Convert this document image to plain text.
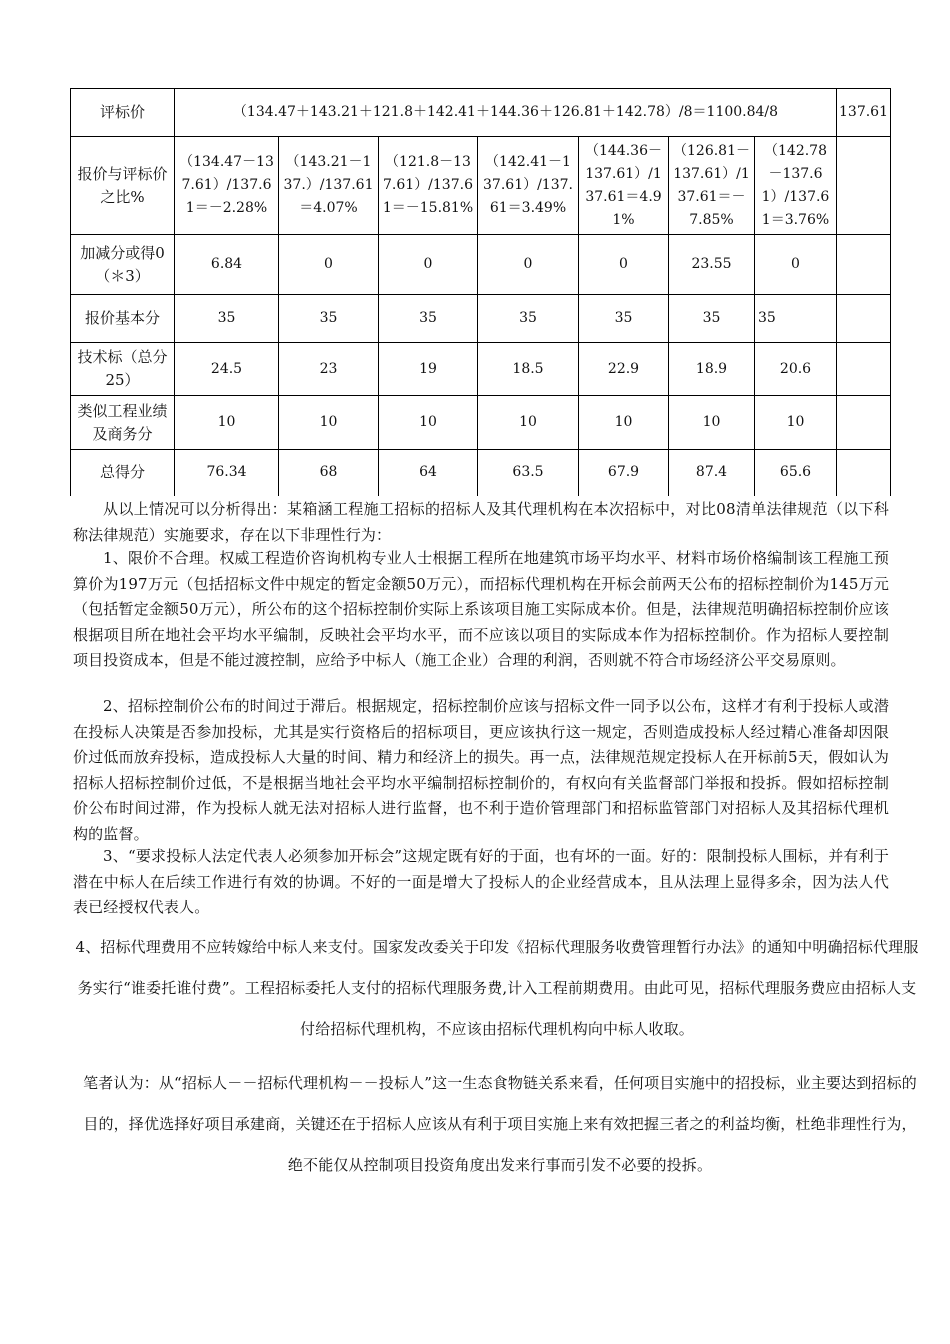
评标价	（134.47＋143.21＋121.8＋142.41＋144.36＋126.81＋142.78）/8＝1100.84/8							137.61
报价与评标价之比%	（134.47－137.61）/137.61＝－2.28%	（143.21－137.）/137.61＝4.07%	（121.8－137.61）/137.61＝－15.81%	（142.41－137.61）/137.61＝3.49%	（144.36－137.61）/137.61＝4.91%	（126.81－137.61）/137.61＝－7.85%	（142.78－137.61）/137.61＝3.76%	
加减分或得0（＊3）	6.84	0	0	0	0	23.55	0	
报价基本分	35	35	35	35	35	35	35	
技术标（总分25）	24.5	23	19	18.5	22.9	18.9	20.6	
类似工程业绩及商务分	10	10	10	10	10	10	10	
总得分	76.34	68	64	63.5	67.9	87.4	65.6	

从以上情况可以分析得出：某箱涵工程施工招标的招标人及其代理机构在本次招标中，对比08清单法律规范（以下科称法律规范）实施要求，存在以下非理性行为：

1、限价不合理。权威工程造价咨询机构专业人士根据工程所在地建筑市场平均水平、材料市场价格编制该工程施工预算价为197万元（包括招标文件中规定的暂定金额50万元），而招标代理机构在开标会前两天公布的招标控制价为145万元（包括暂定金额50万元），所公布的这个招标控制价实际上系该项目施工实际成本价。但是，法律规范明确招标控制价应该根据项目所在地社会平均水平编制，反映社会平均水平，而不应该以项目的实际成本作为招标控制价。作为招标人要控制项目投资成本，但是不能过渡控制，应给予中标人（施工企业）合理的利润，否则就不符合市场经济公平交易原则。

2、招标控制价公布的时间过于滞后。根据规定，招标控制价应该与招标文件一同予以公布，这样才有利于投标人或潜在投标人决策是否参加投标，尤其是实行资格后的招标项目，更应该执行这一规定，否则造成投标人经过精心准备却因限价过低而放弃投标，造成投标人大量的时间、精力和经济上的损失。再一点，法律规范规定投标人在开标前5天，假如认为招标人招标控制价过低，不是根据当地社会平均水平编制招标控制价的，有权向有关监督部门举报和投拆。假如招标控制价公布时间过滞，作为投标人就无法对招标人进行监督，也不利于造价管理部门和招标监管部门对招标人及其招标代理机构的监督。

3、“要求投标人法定代表人必须参加开标会”这规定既有好的于面，也有坏的一面。好的：限制投标人围标，并有利于潜在中标人在后续工作进行有效的协调。不好的一面是增大了投标人的企业经营成本，且从法理上显得多余，因为法人代表已经授权代表人。

4、招标代理费用不应转嫁给中标人来支付。国家发改委关于印发《招标代理服务收费管理暂行办法》的通知中明确招标代理服务实行“谁委托谁付费”。工程招标委托人支付的招标代理服务费,计入工程前期费用。由此可见，招标代理服务费应由招标人支付给招标代理机构，不应该由招标代理机构向中标人收取。

笔者认为：从“招标人－－招标代理机构－－投标人”这一生态食物链关系来看，任何项目实施中的招投标，业主要达到招标的目的，择优选择好项目承建商，关键还在于招标人应该从有利于项目实施上来有效把握三者之的利益均衡，杜绝非理性行为，绝不能仅从控制项目投资角度出发来行事而引发不必要的投拆。
